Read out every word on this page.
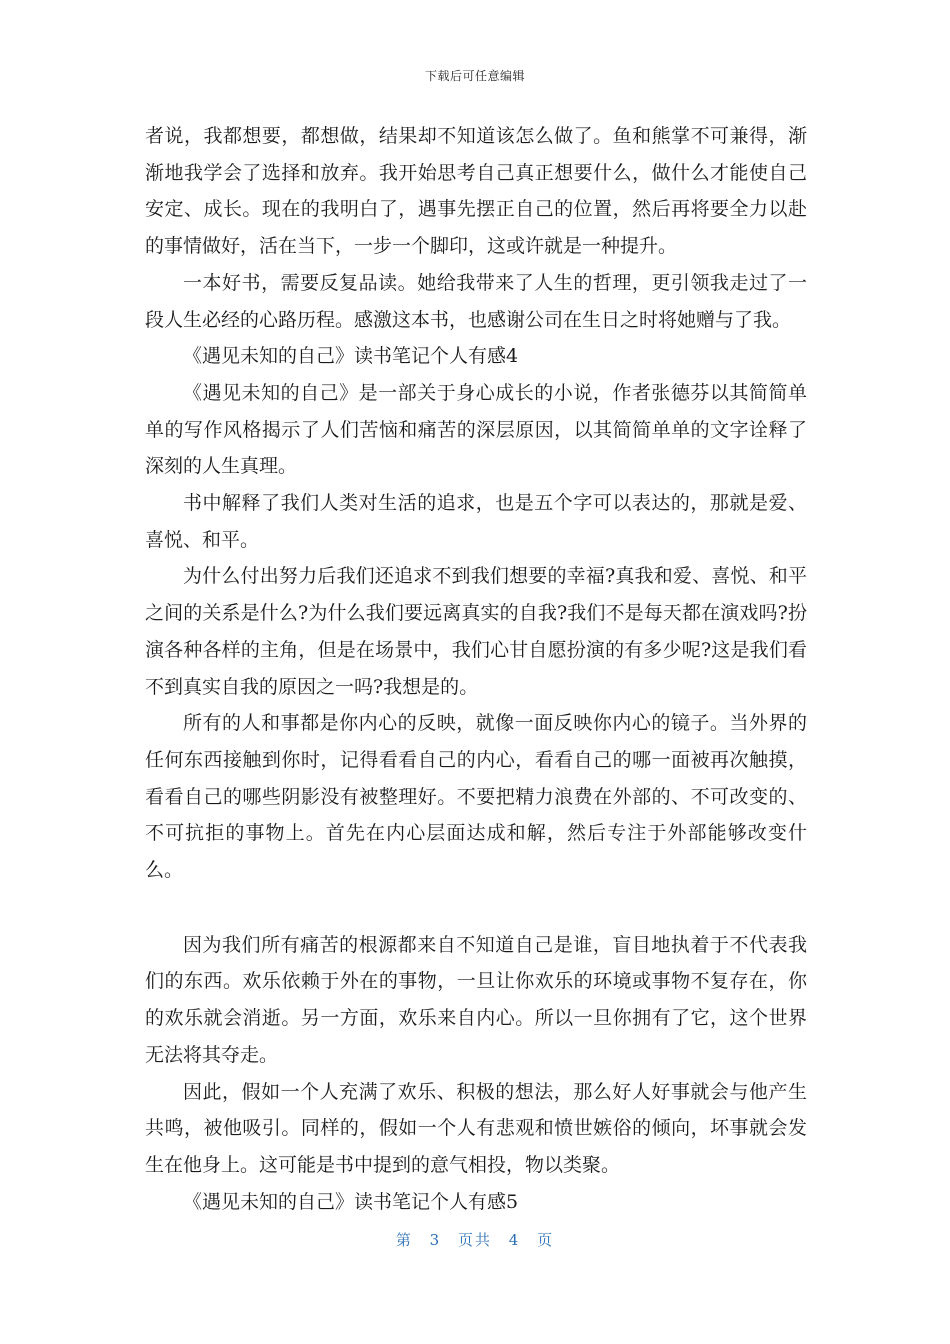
下载后可任意编辑

者说，我都想要，都想做，结果却不知道该怎么做了。鱼和熊掌不可兼得，渐渐地我学会了选择和放弃。我开始思考自己真正想要什么，做什么才能使自己安定、成长。现在的我明白了，遇事先摆正自己的位置，然后再将要全力以赴的事情做好，活在当下，一步一个脚印，这或许就是一种提升。

一本好书，需要反复品读。她给我带来了人生的哲理，更引领我走过了一段人生必经的心路历程。感激这本书，也感谢公司在生日之时将她赠与了我。

《遇见未知的自己》读书笔记个人有感4

《遇见未知的自己》是一部关于身心成长的小说，作者张德芬以其简简单单的写作风格揭示了人们苦恼和痛苦的深层原因，以其简简单单的文字诠释了深刻的人生真理。

书中解释了我们人类对生活的追求，也是五个字可以表达的，那就是爱、喜悦、和平。

为什么付出努力后我们还追求不到我们想要的幸福?真我和爱、喜悦、和平之间的关系是什么?为什么我们要远离真实的自我?我们不是每天都在演戏吗?扮演各种各样的主角，但是在场景中，我们心甘自愿扮演的有多少呢?这是我们看不到真实自我的原因之一吗?我想是的。

所有的人和事都是你内心的反映，就像一面反映你内心的镜子。当外界的任何东西接触到你时，记得看看自己的内心，看看自己的哪一面被再次触摸，看看自己的哪些阴影没有被整理好。不要把精力浪费在外部的、不可改变的、不可抗拒的事物上。首先在内心层面达成和解，然后专注于外部能够改变什么。

因为我们所有痛苦的根源都来自不知道自己是谁，盲目地执着于不代表我们的东西。欢乐依赖于外在的事物，一旦让你欢乐的环境或事物不复存在，你的欢乐就会消逝。另一方面，欢乐来自内心。所以一旦你拥有了它，这个世界无法将其夺走。

因此，假如一个人充满了欢乐、积极的想法，那么好人好事就会与他产生共鸣，被他吸引。同样的，假如一个人有悲观和愤世嫉俗的倾向，坏事就会发生在他身上。这可能是书中提到的意气相投，物以类聚。

《遇见未知的自己》读书笔记个人有感5

第 3 页共 4 页
